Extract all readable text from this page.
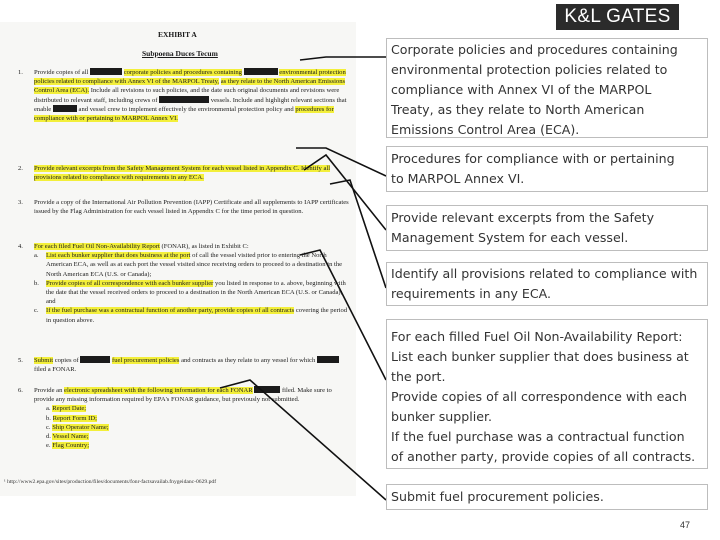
K&L GATES
EXHIBIT A
Subpoena Duces Tecum
1. Provide copies of all	corporate policies and procedures containing	environmental protection policies related to compliance with Annex VI of the MARPOL Treaty, as they relate to the North American Emissions Control Area (ECA). Include all revisions to such policies, and the date such original documents and revisions were distributed to relevant staff, including crews of	vessels. Include and highlight relevant sections that enable	and vessel crew to implement effectively the environmental protection policy and procedures for compliance with or pertaining to MARPOL Annex VI.
2. Provide relevant excerpts from the Safety Management System for each vessel listed in Appendix C. Identify all provisions related to compliance with requirements in any ECA.
3. Provide a copy of the International Air Pollution Prevention (IAPP) Certificate and all supplements to IAPP certificates issued by the Flag Administration for each vessel listed in Appendix C for the time period in question.
4. For each filed Fuel Oil Non-Availability Report (FONAR), as listed in Exhibit C:
a. List each bunker supplier that does business at the port of call the vessel visited prior to entering the North American ECA, as well as at each port the vessel visited since receiving orders to proceed to a destination in the North American ECA (U.S. or Canada);
b. Provide copies of all correspondence with each bunker supplier you listed in response to a. above, beginning with the date that the vessel received orders to proceed to a destination in the North American ECA (U.S. or Canada); and
c. If the fuel purchase was a contractual function of another party, provide copies of all contracts covering the period in question above.
5. Submit copies of	fuel procurement policies and contracts as they relate to any vessel for which  filed a FONAR.
6. Provide an electronic spreadsheet with the following information for each FONAR	filed. Make sure to provide any missing information required by EPA's FONAR guidance, but previously not submitted.
a. Report Date;
b. Report Form ID;
c. Ship Operator Name;
d. Vessel Name;
e. Flag Country;
¹ http://www2.epa.gov/sites/production/files/documents/fonr-factsavailab.fnygeidanc-0629.pdf
Corporate policies and procedures containing
environmental protection policies related to
compliance with Annex VI of the MARPOL
Treaty, as they relate to North American
Emissions Control Area (ECA).
Procedures for compliance with or pertaining
to MARPOL Annex VI.
Provide relevant excerpts from the Safety
Management System for each vessel.
Identify all provisions related to compliance with
requirements in any ECA.
For each filled Fuel Oil Non-Availability Report:
List each bunker supplier that does business at
the port.
Provide copies of all correspondence with each
bunker supplier.
If the fuel purchase was a contractual function
of another party, provide copies of all contracts.
Submit fuel procurement policies.
47
